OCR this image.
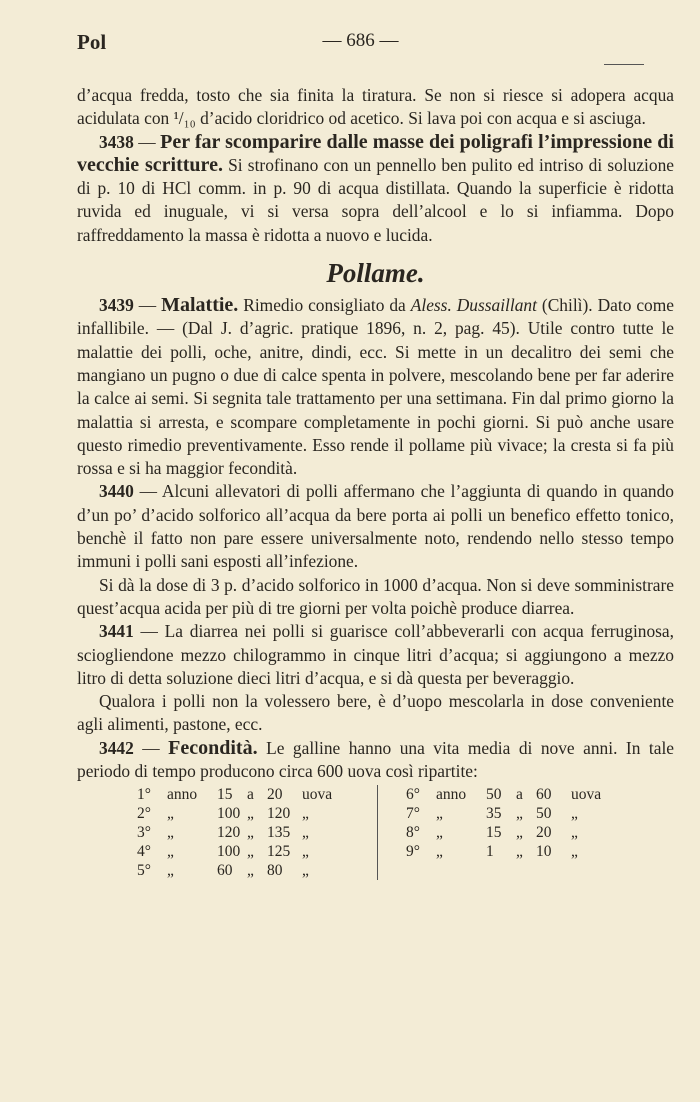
Pol	— 686 —

d’acqua fredda, tosto che sia finita la tiratura. Se non si riesce si adopera acqua acidulata con ¹/₁₀ d’acido cloridrico od acetico. Si lava poi con acqua e si asciuga.

3438 — Per far scomparire dalle masse dei poligrafi l’impressione di vecchie scritture. Si strofinano con un pennello ben pulito ed intriso di soluzione di p. 10 di HCl comm. in p. 90 di acqua distillata. Quando la superficie è ridotta ruvida ed inuguale, vi si versa sopra dell’alcool e lo si infiamma. Dopo raffreddamento la massa è ridotta a nuovo e lucida.

Pollame.

3439 — Malattie. Rimedio consigliato da Aless. Dussaillant (Chilì). Dato come infallibile. — (Dal J. d’agric. pratique 1896, n. 2, pag. 45). Utile contro tutte le malattie dei polli, oche, anitre, dindi, ecc. Si mette in un decalitro dei semi che mangiano un pugno o due di calce spenta in polvere, mescolando bene per far aderire la calce ai semi. Si segnita tale trattamento per una settimana. Fin dal primo giorno la malattia si arresta, e scompare completamente in pochi giorni. Si può anche usare questo rimedio preventivamente. Esso rende il pollame più vivace; la cresta si fa più rossa e si ha maggior fecondità.

3440 — Alcuni allevatori di polli affermano che l’aggiunta di quando in quando d’un po’ d’acido solforico all’acqua da bere porta ai polli un benefico effetto tonico, benchè il fatto non pare essere universalmente noto, rendendo nello stesso tempo immuni i polli sani esposti all’infezione.

Si dà la dose di 3 p. d’acido solforico in 1000 d’acqua. Non si deve somministrare quest’acqua acida per più di tre giorni per volta poichè produce diarrea.

3441 — La diarrea nei polli si guarisce coll’abbeverarli con acqua ferruginosa, sciogliendone mezzo chilogrammo in cinque litri d’acqua; si aggiungono a mezzo litro di detta soluzione dieci litri d’acqua, e si dà questa per beveraggio.

Qualora i polli non la volessero bere, è d’uopo mescolarla in dose conveniente agli alimenti, pastone, ecc.

3442 — Fecondità. Le galline hanno una vita media di nove anni. In tale periodo di tempo producono circa 600 uova così ripartite:

1° anno 15 a 20 uova
2° „	100 „ 120 „
3° „	120 „ 135 „
4° „	100 „ 125 „
5° „	60 „ 80 „
6° anno 50 a 60 uova
7° „	35 „ 50 „
8° „	15 „ 20 „
9° „	1 „ 10 „
